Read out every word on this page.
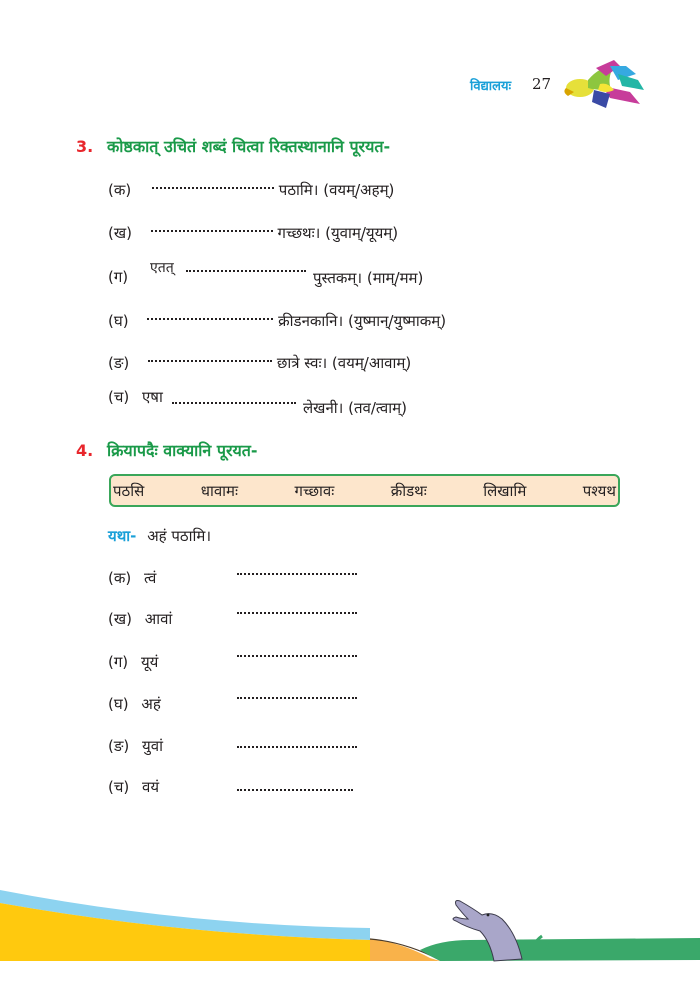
विद्यालयः 27
3. कोष्ठकात् उचितं शब्दं चित्वा रिक्तस्थानानि पूरयत-
(क)	पठामि। (वयम्/अहम्)
(ख)	गच्छथः। (युवाम्/यूयम्)
(ग) एतत्
पुस्तकम्। (माम्/मम)
(घ)	क्रीडनकानि। (युष्मान्/युष्माकम्)
(ङ)	छात्रे स्वः। (वयम्/आवाम्)
(च) एषा
लेखनी। (तव/त्वाम्)
4. क्रियापदैः वाक्यानि पूरयत-
पठसि	धावामः	गच्छावः	क्रीडथः	लिखामि	पश्यथ
यथा- अहं पठामि।
(क) त्वं
(ख) आवां
(ग) यूयं
(घ) अहं
(ङ) युवां
(च) वयं
